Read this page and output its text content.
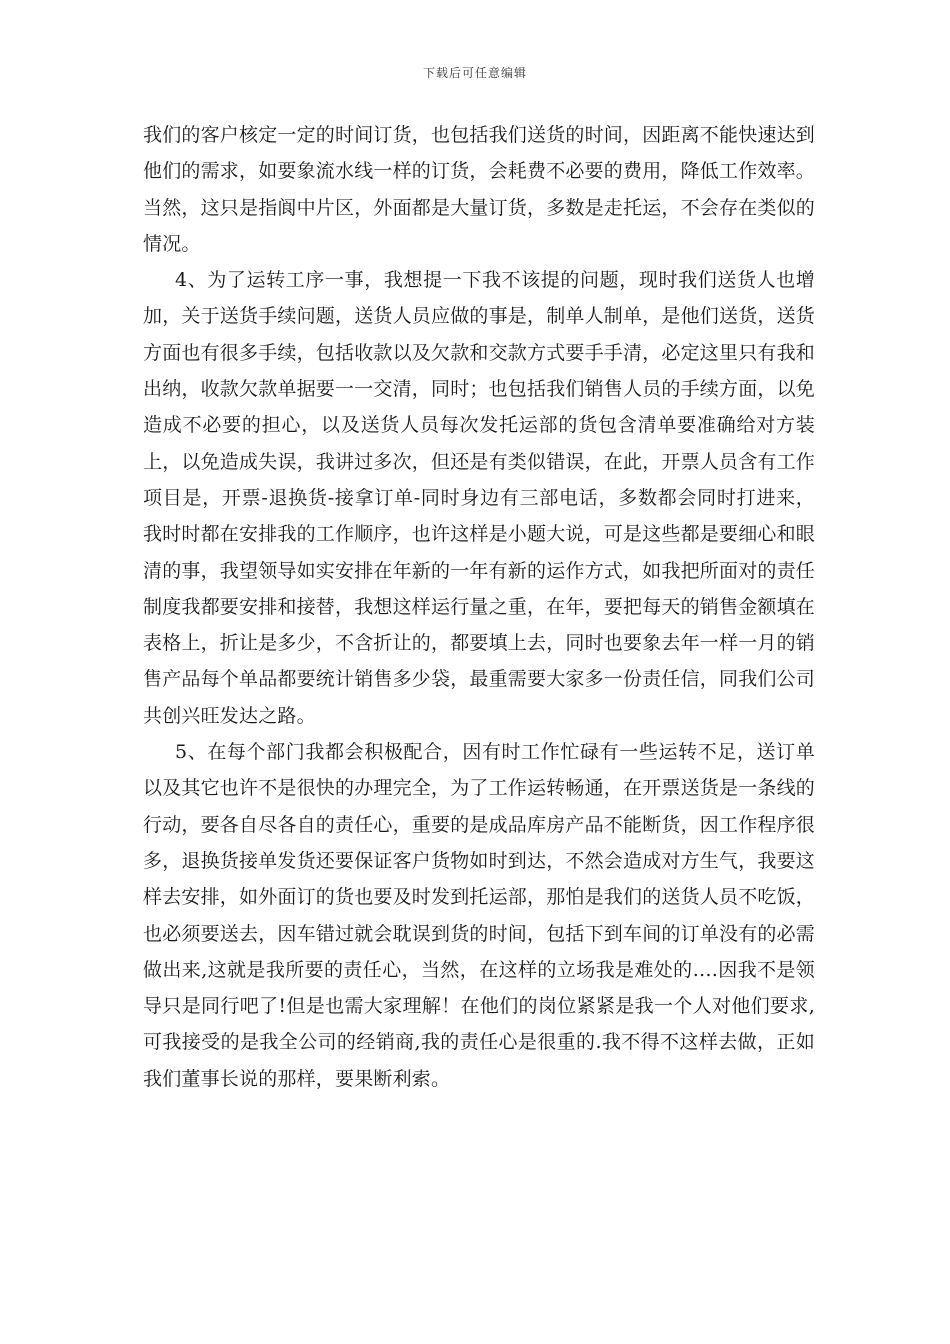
下载后可任意编辑

我们的客户核定一定的时间订货，也包括我们送货的时间，因距离不能快速达到他们的需求，如要象流水线一样的订货，会耗费不必要的费用，降低工作效率。当然，这只是指阆中片区，外面都是大量订货，多数是走托运，不会存在类似的情况。

4、为了运转工序一事，我想提一下我不该提的问题，现时我们送货人也增加，关于送货手续问题，送货人员应做的事是，制单人制单，是他们送货，送货方面也有很多手续，包括收款以及欠款和交款方式要手手清，必定这里只有我和出纳，收款欠款单据要一一交清，同时；也包括我们销售人员的手续方面，以免造成不必要的担心，以及送货人员每次发托运部的货包含清单要准确给对方装上，以免造成失误，我讲过多次，但还是有类似错误，在此，开票人员含有工作项目是，开票-退换货-接拿订单-同时身边有三部电话，多数都会同时打进来，我时时都在安排我的工作顺序，也许这样是小题大说，可是这些都是要细心和眼清的事，我望领导如实安排在年新的一年有新的运作方式，如我把所面对的责任制度我都要安排和接替，我想这样运行量之重，在年，要把每天的销售金额填在表格上，折让是多少，不含折让的，都要填上去，同时也要象去年一样一月的销售产品每个单品都要统计销售多少袋，最重需要大家多一份责任信，同我们公司共创兴旺发达之路。

5、在每个部门我都会积极配合，因有时工作忙碌有一些运转不足，送订单以及其它也许不是很快的办理完全，为了工作运转畅通，在开票送货是一条线的行动，要各自尽各自的责任心，重要的是成品库房产品不能断货，因工作程序很多，退换货接单发货还要保证客户货物如时到达，不然会造成对方生气，我要这样去安排，如外面订的货也要及时发到托运部，那怕是我们的送货人员不吃饭，也必须要送去，因车错过就会耽误到货的时间，包括下到车间的订单没有的必需做出来,这就是我所要的责任心，当然，在这样的立场我是难处的….因我不是领导只是同行吧了!但是也需大家理解！在他们的岗位紧紧是我一个人对他们要求,可我接受的是我全公司的经销商,我的责任心是很重的.我不得不这样去做，正如我们董事长说的那样，要果断利索。
